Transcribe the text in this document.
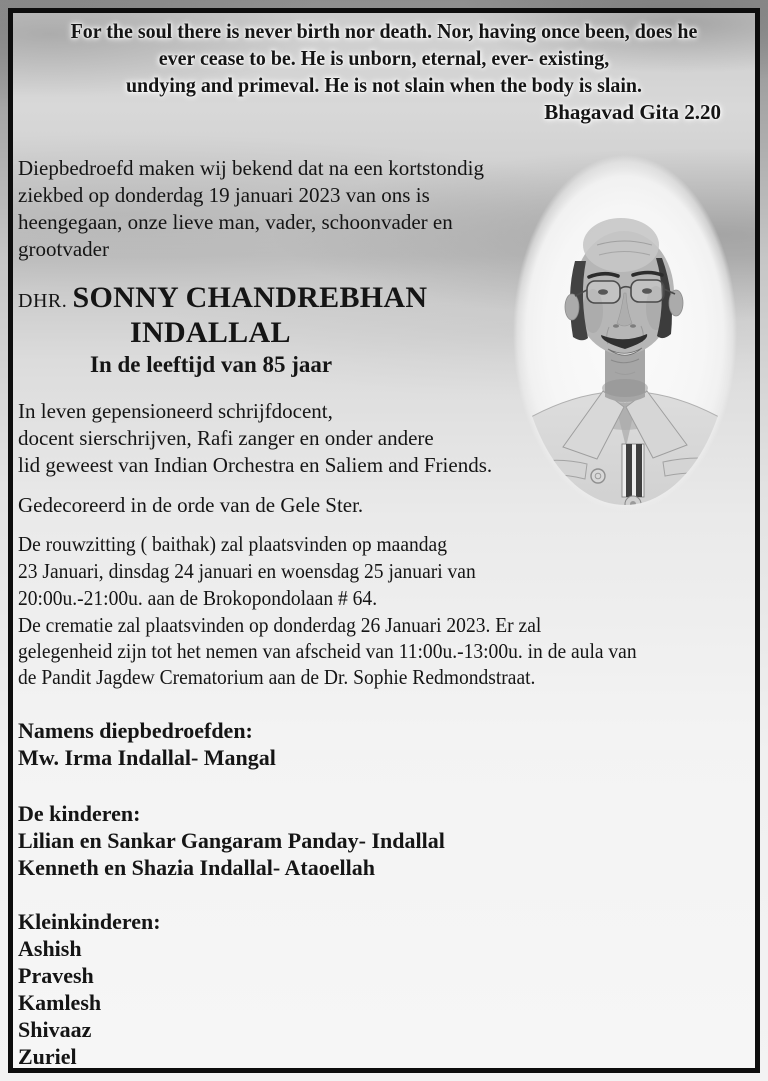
For the soul there is never birth nor death. Nor, having once been, does he
ever cease to be. He is unborn, eternal, ever- existing,
undying and primeval. He is not slain when the body is slain.
Bhagavad Gita 2.20
Diepbedroefd maken wij bekend dat na een kortstondig
ziekbed op donderdag 19 januari 2023 van ons is
heengegaan, onze lieve man, vader, schoonvader en
grootvader
DHR. SONNY CHANDREBHAN
INDALLAL
In de leeftijd van 85 jaar
In leven gepensioneerd schrijfdocent,
docent sierschrijven, Rafi zanger en onder andere
lid geweest van Indian Orchestra en Saliem and Friends.
Gedecoreerd in de orde van de Gele Ster.
De rouwzitting ( baithak) zal plaatsvinden op maandag
23 Januari, dinsdag 24 januari en woensdag 25 januari van
20:00u.-21:00u. aan de Brokopondolaan # 64.
De crematie zal plaatsvinden op donderdag 26 Januari 2023. Er zal
gelegenheid zijn tot het nemen van afscheid van 11:00u.-13:00u. in de aula van
de Pandit Jagdew Crematorium aan de Dr. Sophie Redmondstraat.
Namens diepbedroefden:
Mw. Irma Indallal- Mangal
De kinderen:
Lilian en Sankar Gangaram Panday- Indallal
Kenneth en Shazia Indallal- Ataoellah
Kleinkinderen:
Ashish
Pravesh
Kamlesh
Shivaaz
Zuriel
